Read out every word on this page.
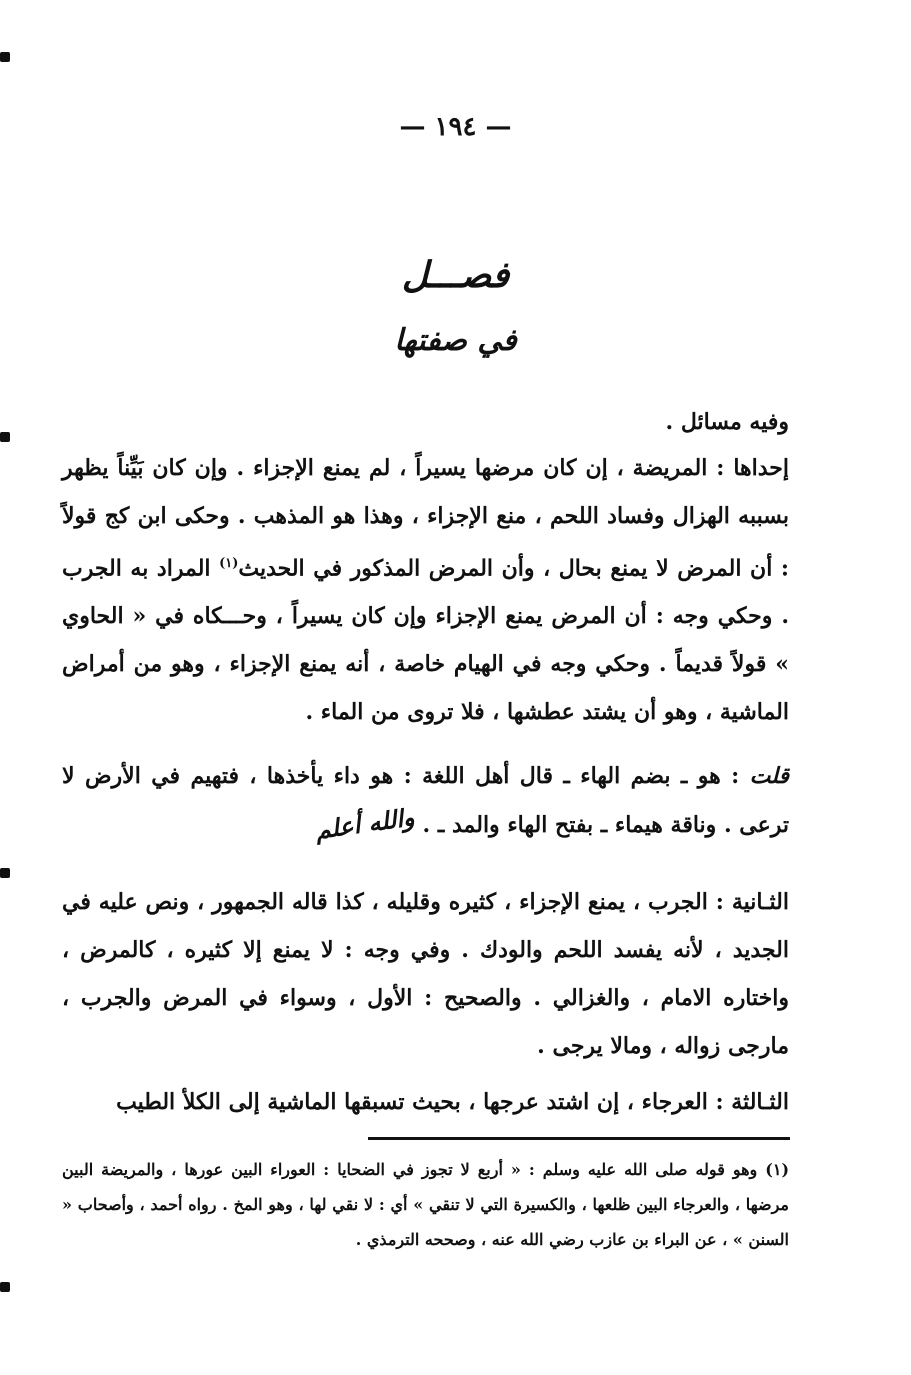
— ١٩٤ —
فصـــل
في صفتها
وفيه مسائل .
إحداها : المريضة ، إن كان مرضها يسيراً ، لم يمنع الإجزاء . وإن كان بَيِّناً يظهر بسببه الهزال وفساد اللحم ، منع الإجزاء ، وهذا هو المذهب . وحكى ابن كج قولاً : أن المرض لا يمنع بحال ، وأن المرض المذكور في الحديث$^{(١)}$ المراد به الجرب . وحكي وجه : أن المرض يمنع الإجزاء وإن كان يسيراً ، وحـــكاه في « الحاوي » قولاً قديماً . وحكي وجه في الهيام خاصة ، أنه يمنع الإجزاء ، وهو من أمراض الماشية ، وهو أن يشتد عطشها ، فلا تروى من الماء .
قلت : هو ـ بضم الهاء ـ قال أهل اللغة : هو داء يأخذها ، فتهيم في الأرض لا ترعى . وناقة هيماء ـ بفتح الهاء والمد ـ . والله أعلم
الثـانية : الجرب ، يمنع الإجزاء ، كثيره وقليله ، كذا قاله الجمهور ، ونص عليه في الجديد ، لأنه يفسد اللحم والودك . وفي وجه : لا يمنع إلا كثيره ، كالمرض ، واختاره الامام ، والغزالي . والصحيح : الأول ، وسواء في المرض والجرب ، مارجى زواله ، ومالا يرجى .
الثـالثة : العرجاء ، إن اشتد عرجها ، بحيث تسبقها الماشية إلى الكلأ الطيب
(١) وهو قوله صلى الله عليه وسلم : « أربع لا تجوز في الضحايا : العوراء البين عورها ، والمريضة البين مرضها ، والعرجاء البين ظلعها ، والكسيرة التي لا تنقي » أي : لا نقي لها ، وهو المخ . رواه أحمد ، وأصحاب « السنن » ، عن البراء بن عازب رضي الله عنه ، وصححه الترمذي .
